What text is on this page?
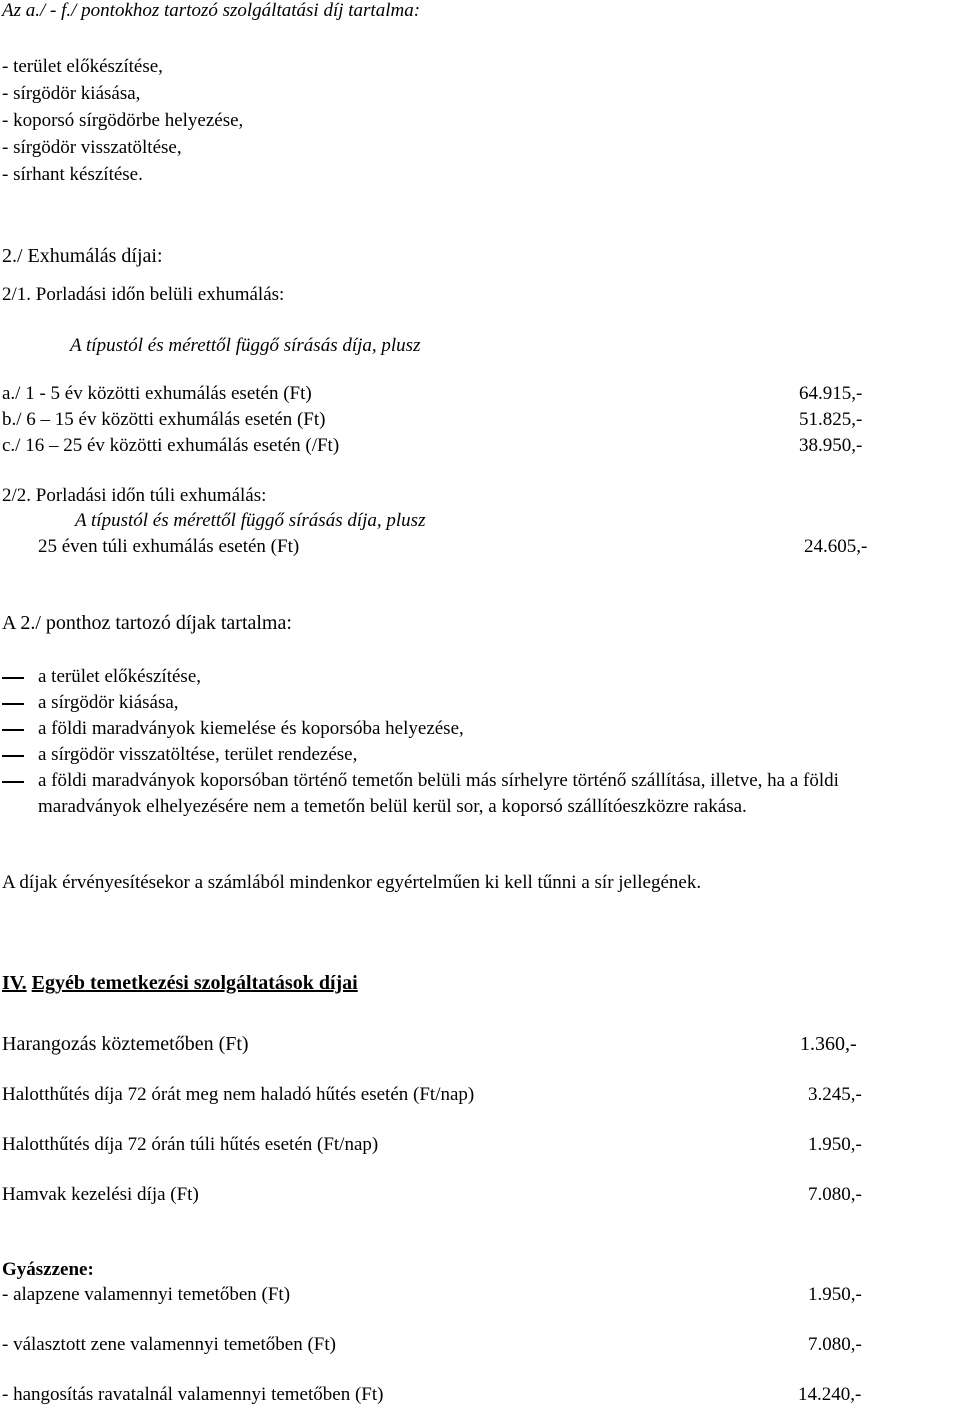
Az a./ - f./ pontokhoz tartozó szolgáltatási díj tartalma:
- terület előkészítése,
- sírgödör kiásása,
- koporsó sírgödörbe helyezése,
- sírgödör visszatöltése,
- sírhant készítése.
2./ Exhumálás díjai:
2/1. Porladási időn belüli exhumálás:
A típustól és mérettől függő sírásás díja, plusz
a./ 1 - 5 év közötti exhumálás esetén (Ft)	64.915,-
b./ 6 – 15 év közötti exhumálás esetén (Ft)	51.825,-
c./ 16 – 25 év közötti exhumálás esetén (/Ft)	38.950,-
2/2. Porladási időn túli exhumálás:
A típustól és mérettől függő sírásás díja, plusz
25 éven túli exhumálás esetén (Ft)	24.605,-
A 2./ ponthoz tartozó díjak tartalma:
a terület előkészítése,
a sírgödör kiásása,
a földi maradványok kiemelése és koporsóba helyezése,
a sírgödör visszatöltése, terület rendezése,
a földi maradványok koporsóban történő temetőn belüli más sírhelyre történő szállítása, illetve, ha a földi
maradványok elhelyezésére nem a temetőn belül kerül sor, a koporsó szállítóeszközre rakása.
A díjak érvényesítésekor a számlából mindenkor egyértelműen ki kell tűnni a sír jellegének.
IV. Egyéb temetkezési szolgáltatások díjai
Harangozás köztemetőben (Ft)	1.360,-
Halotthűtés díja 72 órát meg nem haladó hűtés esetén (Ft/nap)	3.245,-
Halotthűtés díja 72 órán túli hűtés esetén (Ft/nap)	1.950,-
Hamvak kezelési díja (Ft)	7.080,-
Gyászzene:
- alapzene valamennyi temetőben (Ft)	1.950,-
- választott zene valamennyi temetőben (Ft)	7.080,-
- hangosítás ravatalnál valamennyi temetőben (Ft)	14.240,-
